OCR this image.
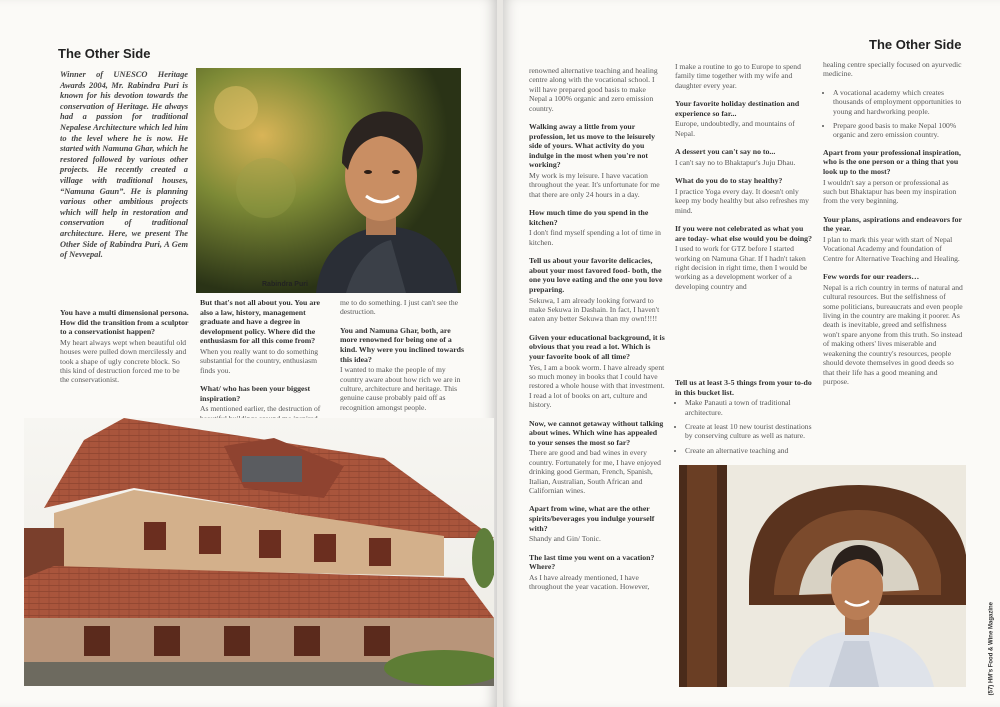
The Other Side
Winner of UNESCO Heritage Awards 2004, Mr. Rabindra Puri is known for his devotion towards the conservation of Heritage. He always had a passion for traditional Nepalese Architecture which led him to the level where he is now. He started with Namuna Ghar, which he restored followed by various other projects. He recently created a village with traditional houses, “Namuna Gaun”. He is planning various other ambitious projects which will help in restoration and conservation of traditional architecture. Here, we present The Other Side of Rabindra Puri, A Gem of Nevvepal.
Rabindra Puri
You have a multi dimensional persona. How did the transition from a sculptor to a conservationist happen?
My heart always wept when beautiful old houses were pulled down mercilessly and took a shape of ugly concrete block. So this kind of destruction forced me to be the conservationist.
But that's not all about you. You are also a law, history, management graduate and have a degree in development policy. Where did the enthusiasm for all this come from?
When you really want to do something substantial for the country, enthusiasm finds you.
What/ who has been your biggest inspiration?
As mentioned earlier, the destruction of
me to do something. I just can't see the destruction.
You and Namuna Ghar, both, are more renowned for being one of a kind. Why were you inclined towards this idea?
I wanted to make the people of my country aware about how rich we are in culture, architecture and heritage. This genuine cause probably paid off as recognition amongst people.
The Other Side
renowned alternative teaching and healing centre along with the vocational school. I will have prepared good basis to make Nepal a 100% organic and zero emission country.
Walking away a little from your profession, let us move to the leisurely side of yours. What activity do you indulge in the most when you're not working?
My work is my leisure. I have vacation throughout the year. It's unfortunate for me that there are only 24 hours in a day.
How much time do you spend in the kitchen?
I don't find myself spending a lot of time in kitchen.
Tell us about your favorite delicacies, about your most favored food- both, the one you love eating and the one you love preparing.
Sekuwa, I am already looking forward to make Sekuwa in Dashain. In fact, I haven't eaten any better Sekuwa than my own!!!!!
Given your educational background, it is obvious that you read a lot. Which is your favorite book of all time?
Yes, I am a book worm. I have already spent so much money in books that I could have restored a whole house with that investment. I read a lot of books on art, culture and history.
Now, we cannot getaway without talking about wines. Which wine has appealed to your senses the most so far?
There are good and bad wines in every country. Fortunately for me, I have enjoyed drinking good German, French, Spanish, Italian, Australian, South African and Californian wines.
Apart from wine, what are the other spirits/beverages you indulge yourself with?
Shandy and Gin/ Tonic.
The last time you went on a vacation? Where?
As I have already mentioned, I have throughout the year vacation. However,
I make a routine to go to Europe to spend family time together with my wife and daughter every year.
Your favorite holiday destination and experience so far...
Europe, undoubtedly, and mountains of Nepal.
A dessert you can't say no to...
I can't say no to Bhaktapur's Juju Dhau.
What do you do to stay healthy?
I practice Yoga every day. It doesn't only keep my body healthy but also refreshes my mind.
If you were not celebrated as what you are today- what else would you be doing?
I used to work for GTZ before I started working on Namuna Ghar. If I hadn't taken right decision in right time, then I would be working as a development worker of a developing country and
Tell us at least 3-5 things from your to-do in this bucket list.
• Make Panauti a town of traditional architecture.
• Create at least 10 new tourist destinations by conserving culture as well as nature.
• Create an alternative teaching and
healing centre specially focused on ayurvedic medicine.
• A vocational academy which creates thousands of employment opportunities to young and hardworking people.
• Prepare good basis to make Nepal 100% organic and zero emission country.
Apart from your professional inspiration, who is the one person or a thing that you look up to the most?
I wouldn't say a person or professional as such but Bhaktapur has been my inspiration from the very beginning.
Your plans, aspirations and endeavors for the year.
I plan to mark this year with start of Nepal Vocational Academy and foundation of Centre for Alternative Teaching and Healing.
Few words for our readers…
Nepal is a rich country in terms of natural and cultural resources. But the selfishness of some politicians, bureaucrats and even people living in the country are making it poorer. As death is inevitable, greed and selfishness won't spare anyone from this truth. So instead of making others' lives miserable and weakening the country's resources, people should devote themselves in good deeds so that their life has a good meaning and purpose.
(57) HM's Food & Wine Magazine
